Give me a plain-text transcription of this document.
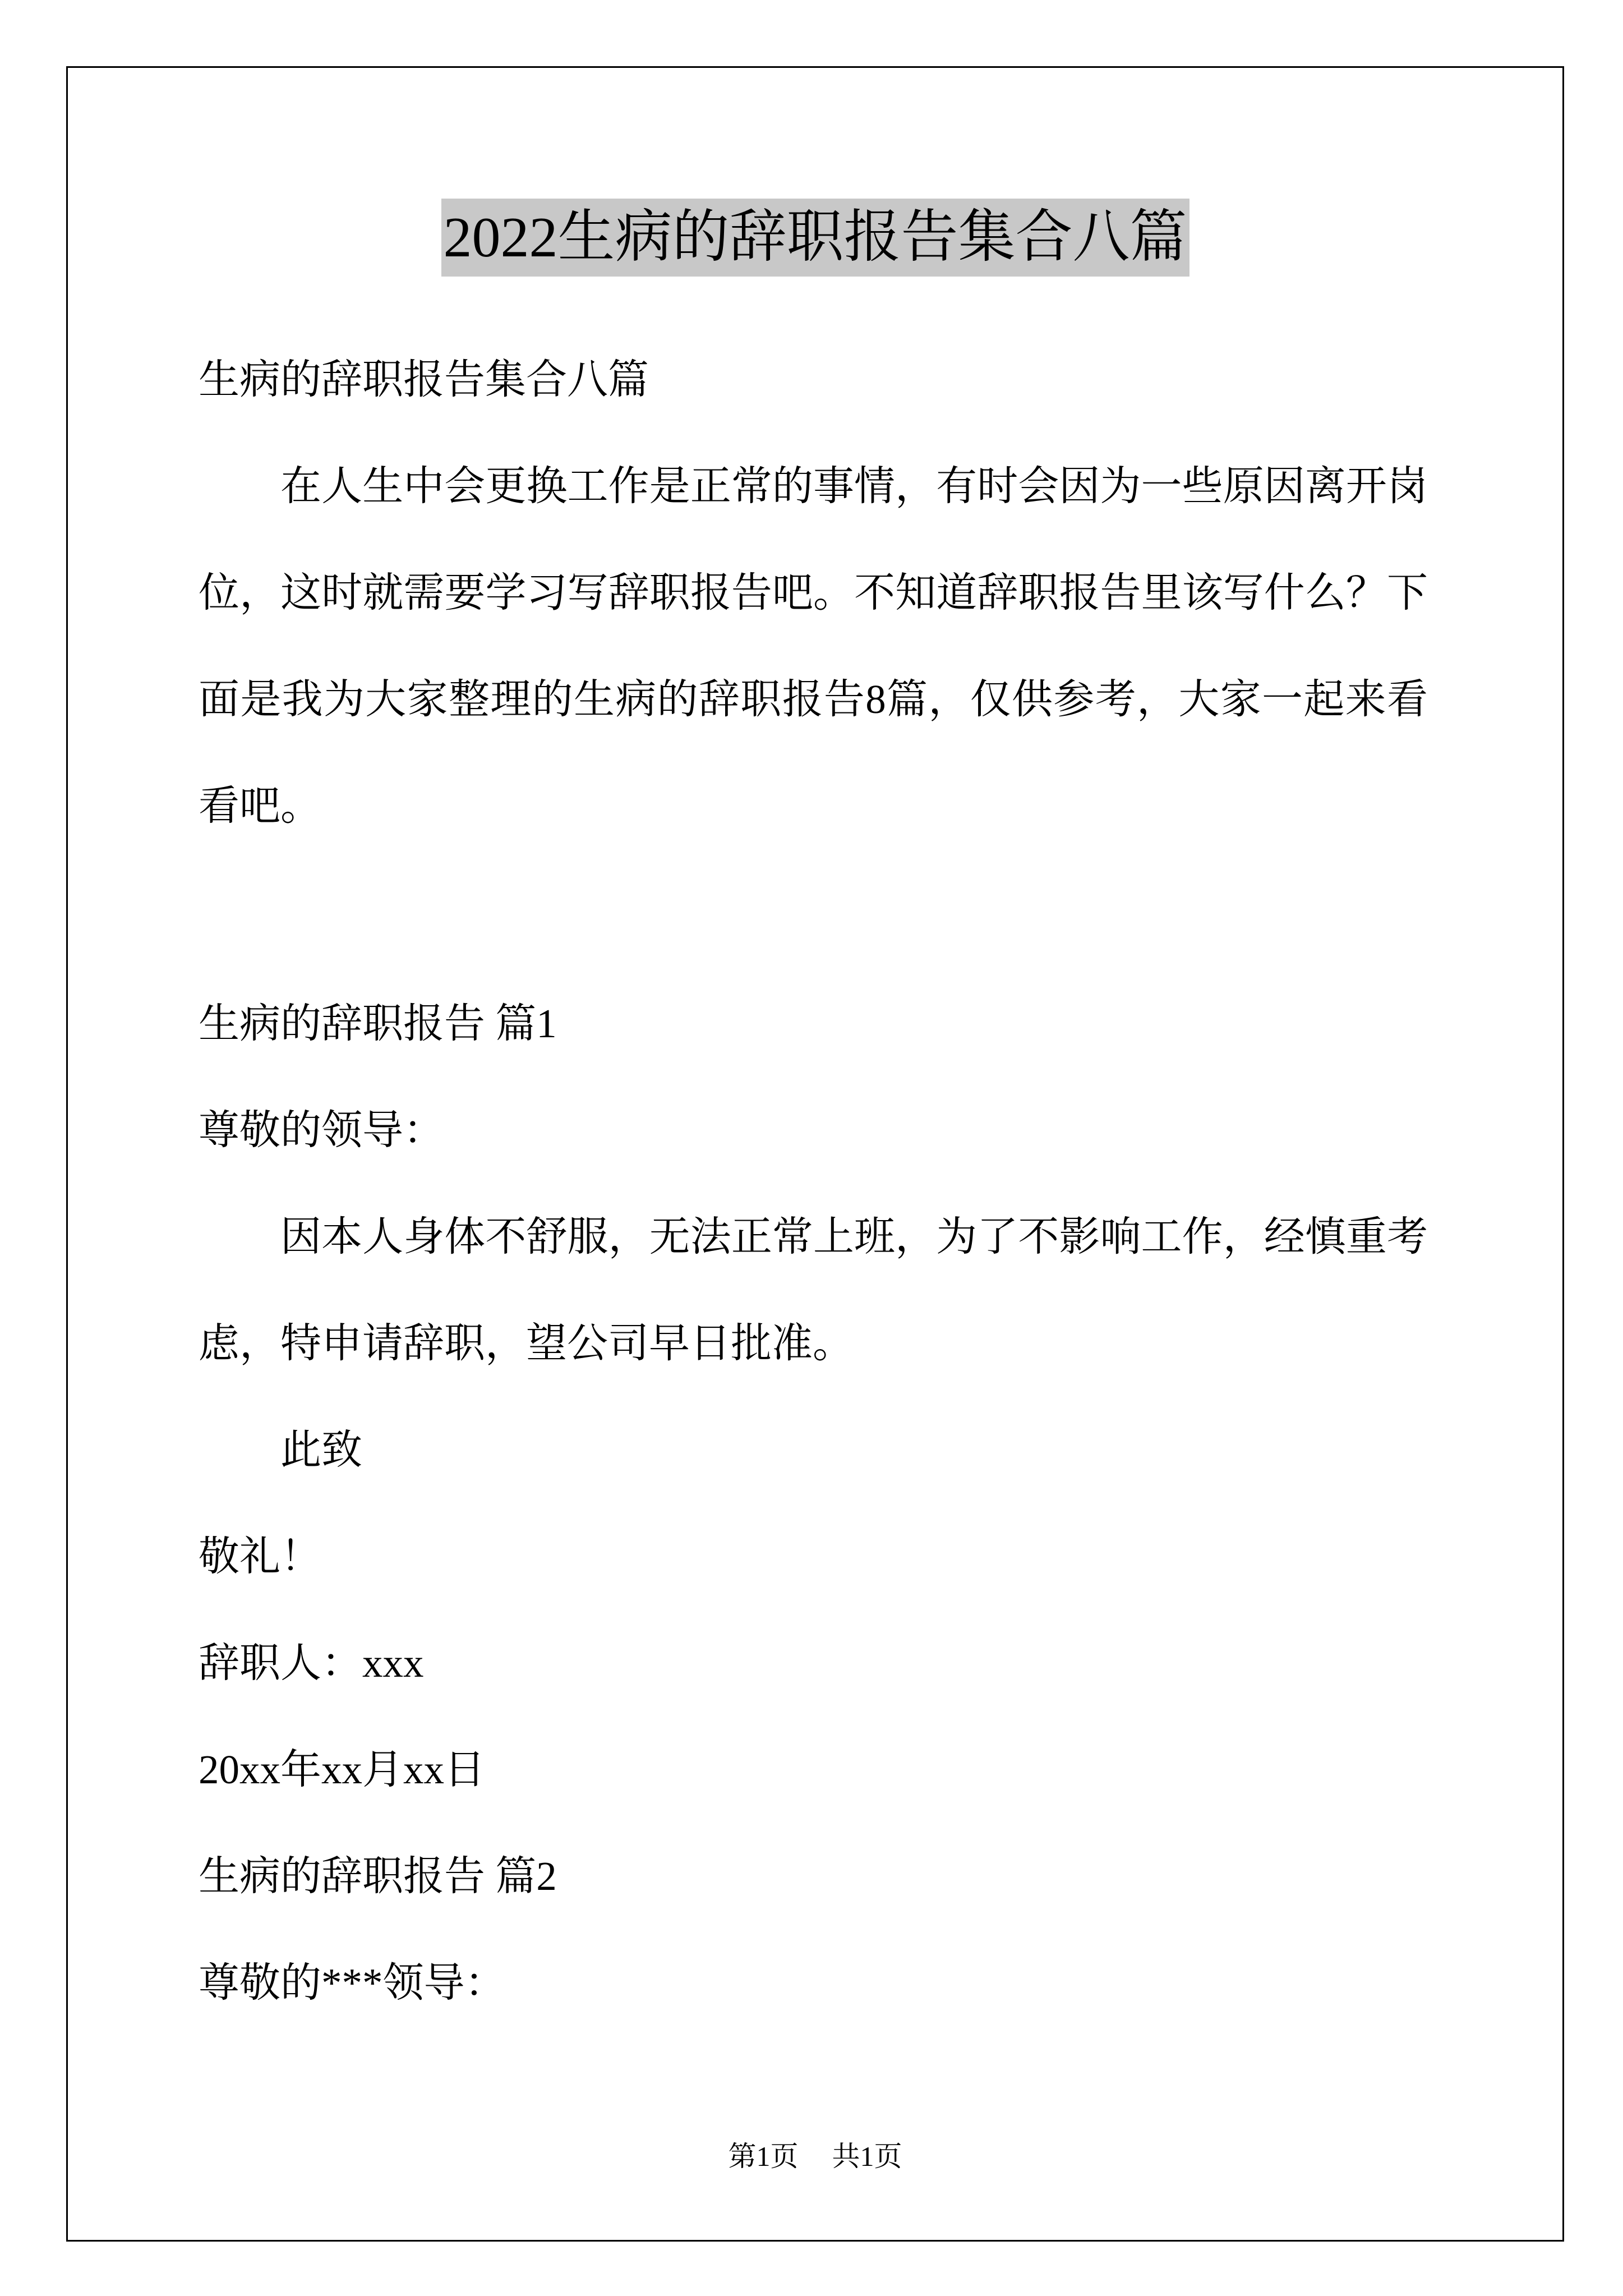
2022生病的辞职报告集合八篇
生病的辞职报告集合八篇
在人生中会更换工作是正常的事情，有时会因为一些原因离开岗
位，这时就需要学习写辞职报告吧。不知道辞职报告里该写什么？下
面是我为大家整理的生病的辞职报告8篇，仅供参考，大家一起来看
看吧。
生病的辞职报告 篇1
尊敬的领导：
因本人身体不舒服，无法正常上班，为了不影响工作，经慎重考
虑，特申请辞职，望公司早日批准。
此致
敬礼！
辞职人：xxx
20xx年xx月xx日
生病的辞职报告 篇2
尊敬的***领导：
第1页 共1页
